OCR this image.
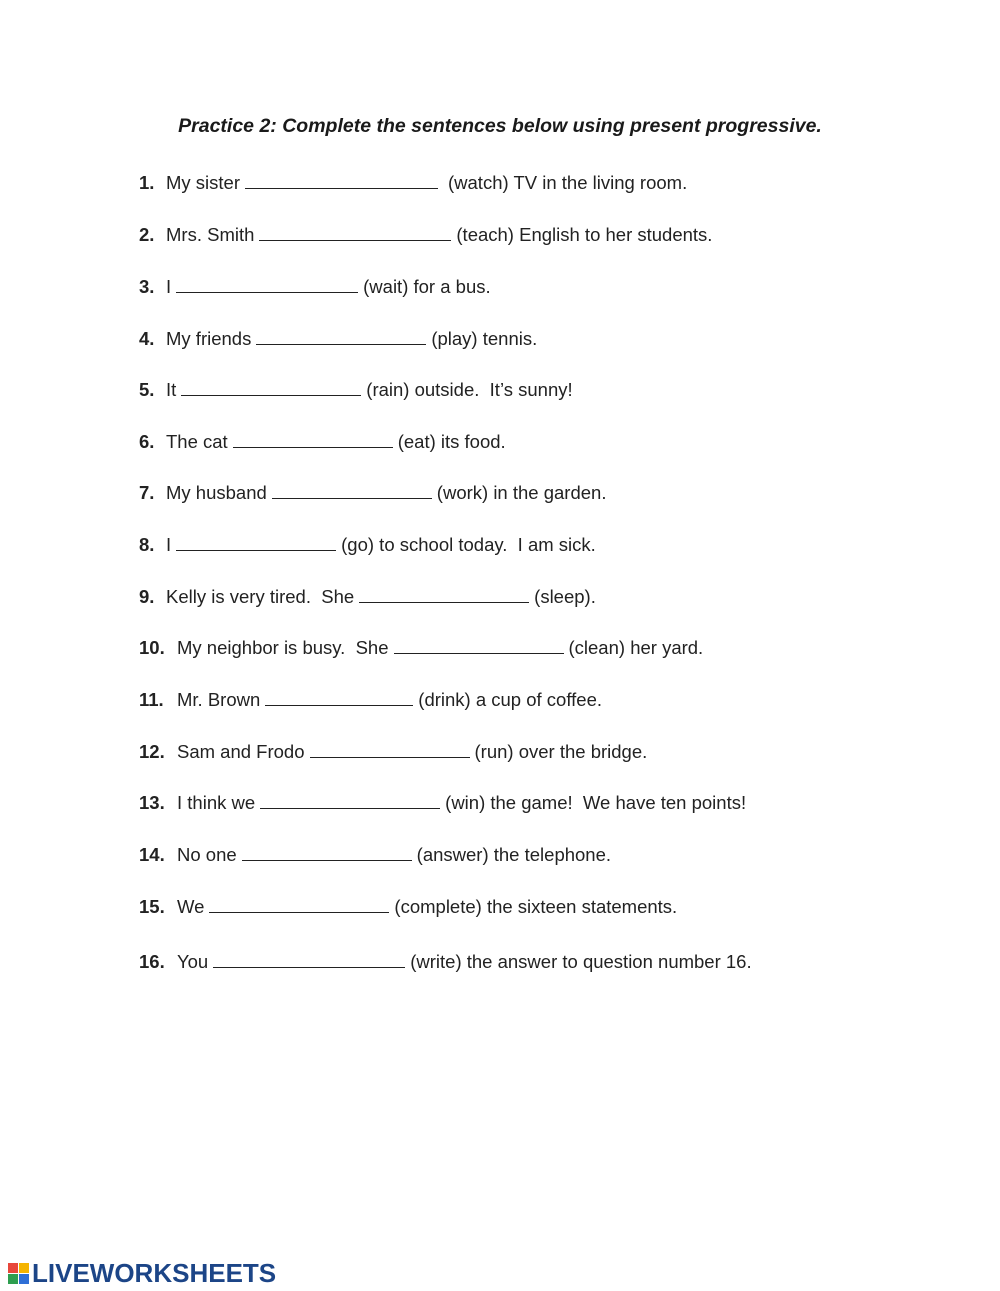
Practice 2: Complete the sentences below using present progressive.
1. My sister	(watch) TV in the living room.
2. Mrs. Smith	(teach) English to her students.
3. I	(wait) for a bus.
4. My friends	(play) tennis.
5. It	(rain) outside.  It’s sunny!
6. The cat	(eat) its food.
7. My husband	(work) in the garden.
8. I	(go) to school today.  I am sick.
9. Kelly is very tired.  She	(sleep).
10. My neighbor is busy.  She	(clean) her yard.
11. Mr. Brown	(drink) a cup of coffee.
12. Sam and Frodo	(run) over the bridge.
13. I think we	(win) the game!  We have ten points!
14. No one	(answer) the telephone.
15. We	(complete) the sixteen statements.
16. You	(write) the answer to question number 16.
LIVEWORKSHEETS
